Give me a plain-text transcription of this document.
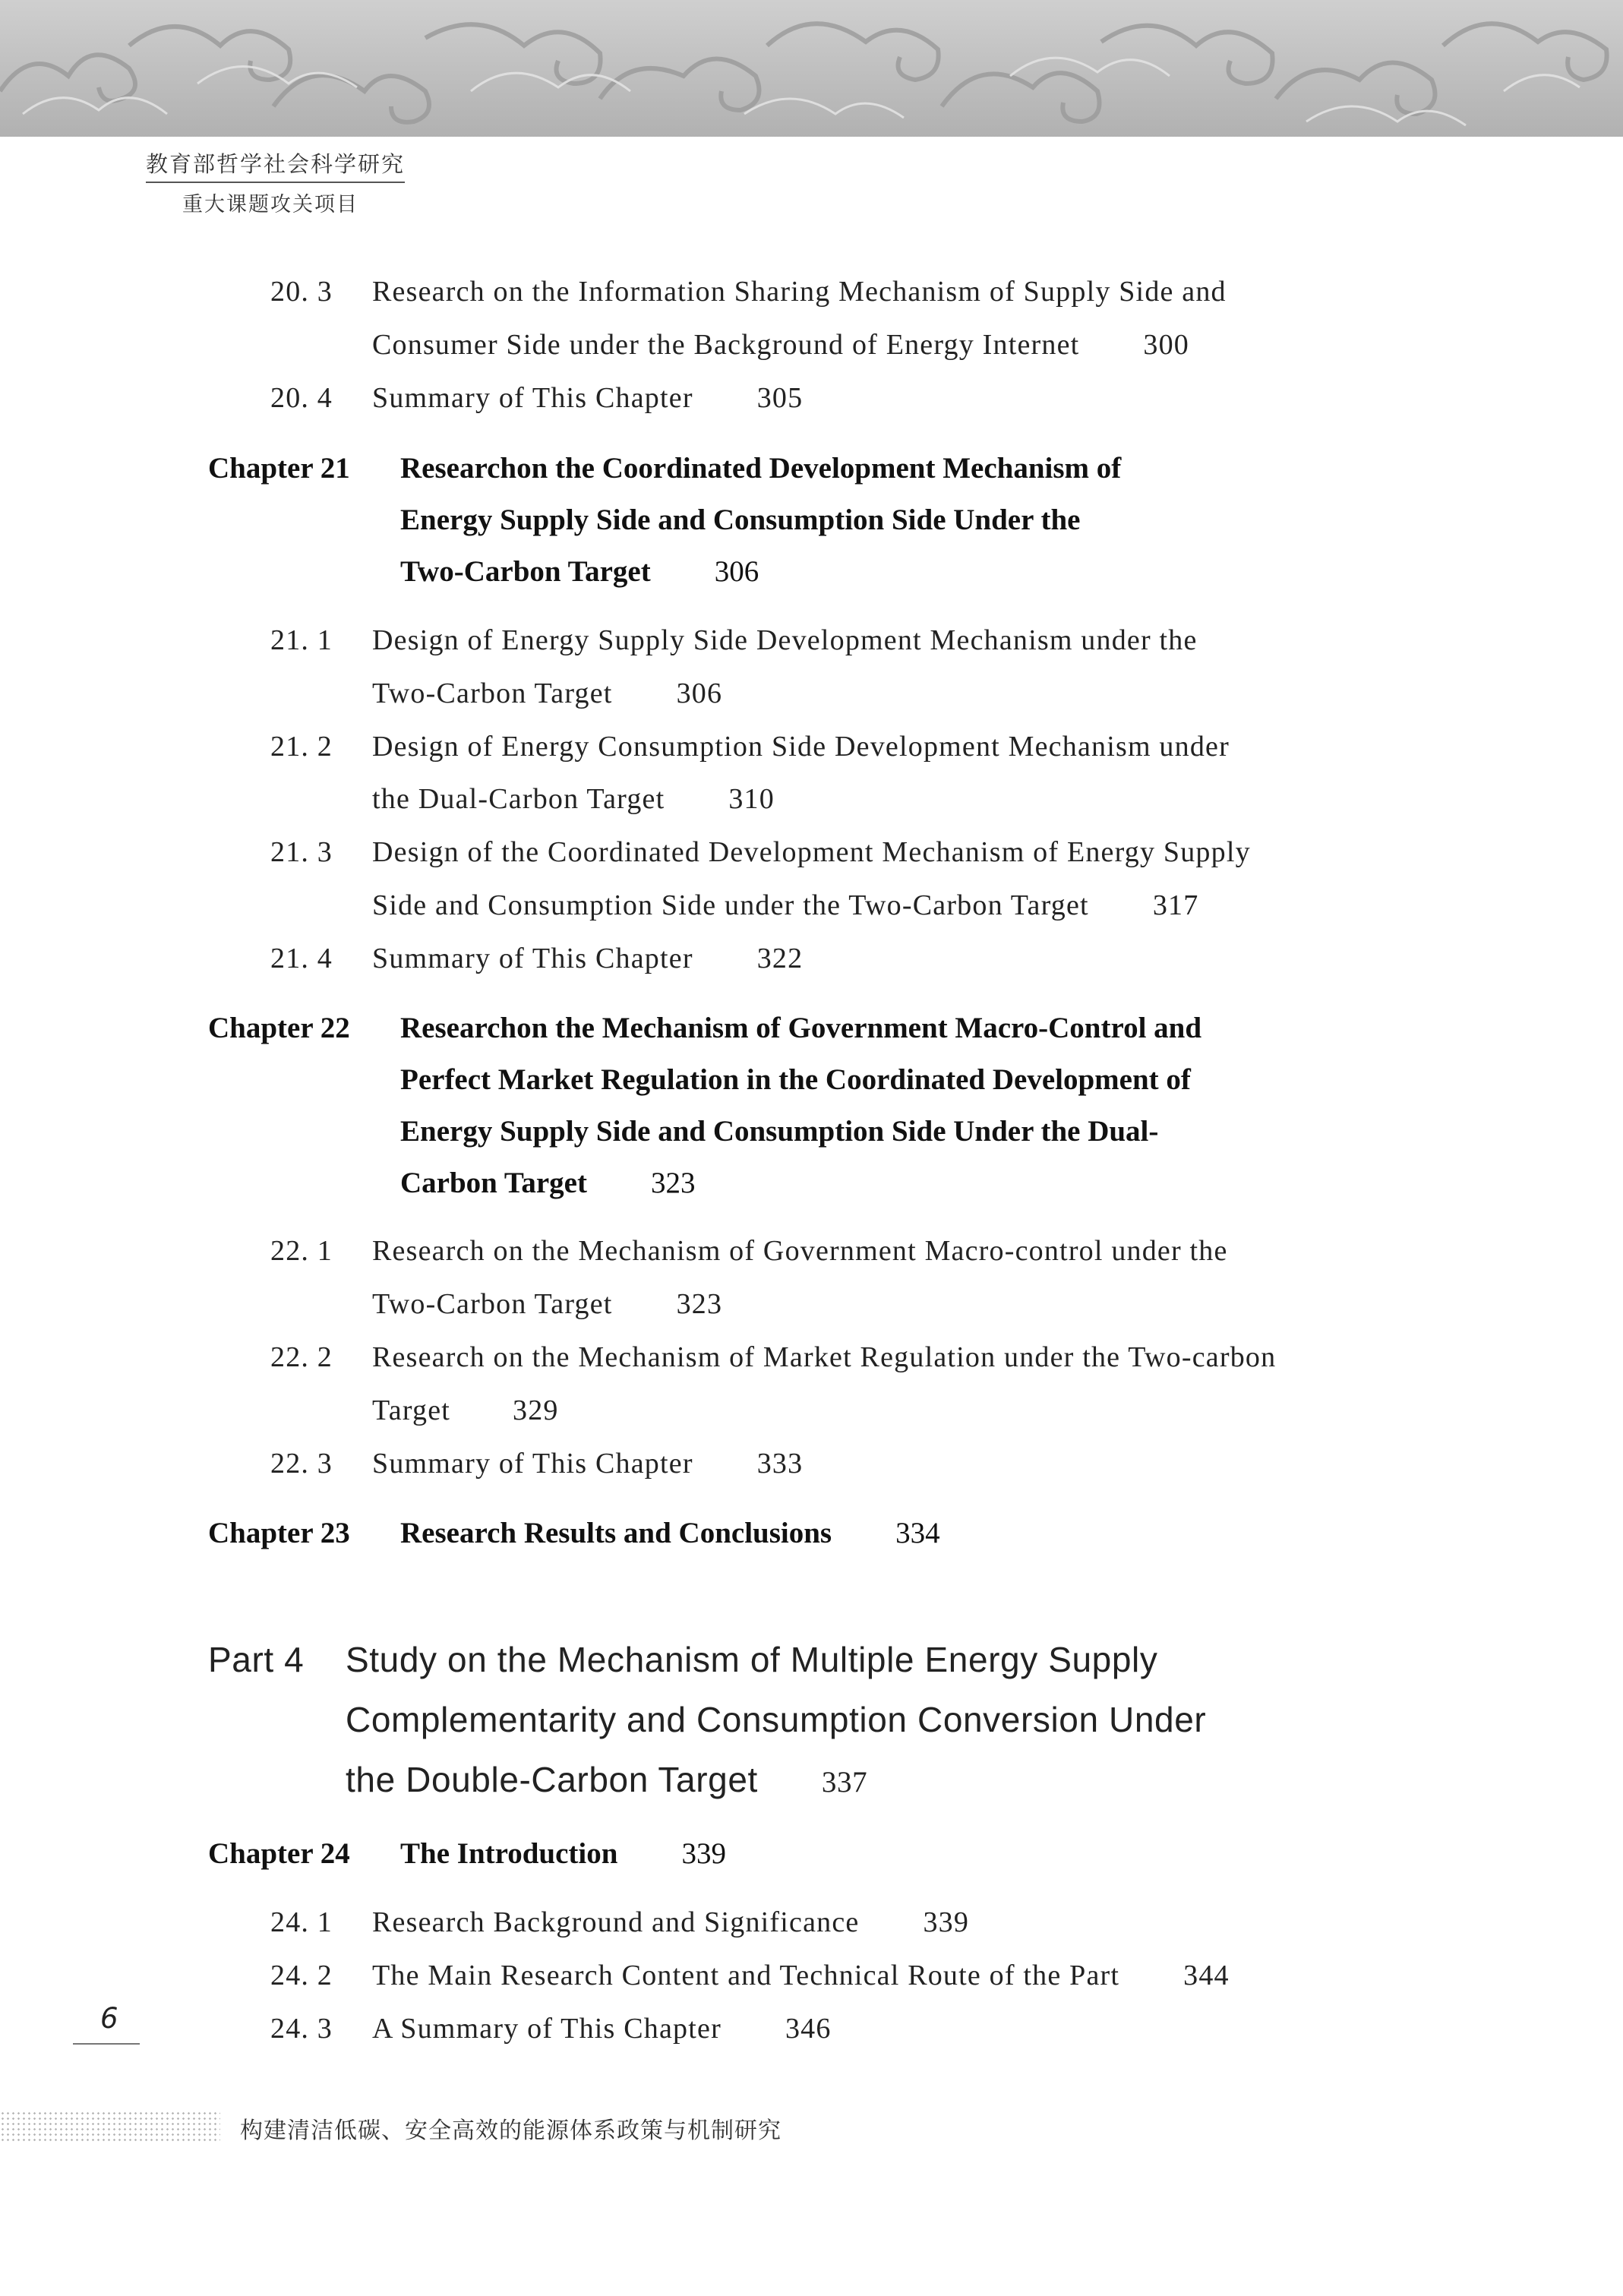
教育部哲学社会科学研究
重大课题攻关项目
20. 3 Research on the Information Sharing Mechanism of Supply Side and
Consumer Side under the Background of Energy Internet 300
20. 4 Summary of This Chapter 305
Chapter 21 Researchon the Coordinated Development Mechanism of
Energy Supply Side and Consumption Side Under the
Two-Carbon Target 306
21. 1 Design of Energy Supply Side Development Mechanism under the
Two-Carbon Target 306
21. 2 Design of Energy Consumption Side Development Mechanism under
the Dual-Carbon Target 310
21. 3 Design of the Coordinated Development Mechanism of Energy Supply
Side and Consumption Side under the Two-Carbon Target 317
21. 4 Summary of This Chapter 322
Chapter 22 Researchon the Mechanism of Government Macro-Control and
Perfect Market Regulation in the Coordinated Development of
Energy Supply Side and Consumption Side Under the Dual-
Carbon Target 323
22. 1 Research on the Mechanism of Government Macro-control under the
Two-Carbon Target 323
22. 2 Research on the Mechanism of Market Regulation under the Two-carbon
Target 329
22. 3 Summary of This Chapter 333
Chapter 23 Research Results and Conclusions 334
Part 4 Study on the Mechanism of Multiple Energy Supply
Complementarity and Consumption Conversion Under
the Double-Carbon Target 337
Chapter 24 The Introduction 339
24. 1 Research Background and Significance 339
24. 2 The Main Research Content and Technical Route of the Part 344
24. 3 A Summary of This Chapter 346
6
构建清洁低碳、安全高效的能源体系政策与机制研究
